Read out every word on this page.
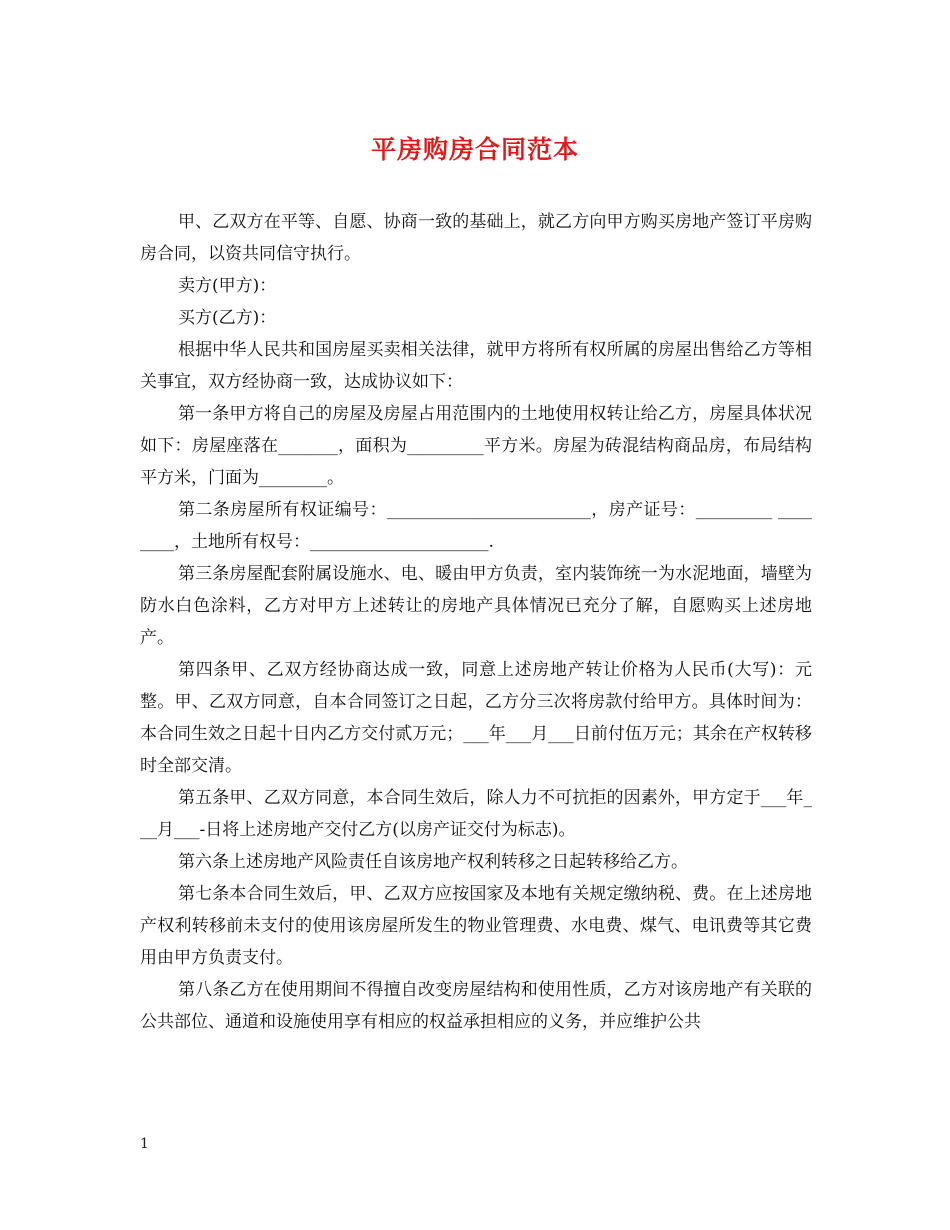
平房购房合同范本

甲、乙双方在平等、自愿、协商一致的基础上，就乙方向甲方购买房地产签订平房购房合同，以资共同信守执行。

卖方(甲方)：

买方(乙方)：

根据中华人民共和国房屋买卖相关法律，就甲方将所有权所属的房屋出售给乙方等相关事宜，双方经协商一致，达成协议如下：

第一条甲方将自己的房屋及房屋占用范围内的土地使用权转让给乙方，房屋具体状况如下：房屋座落在_______，面积为_________平方米。房屋为砖混结构商品房，布局结构平方米，门面为________。

第二条房屋所有权证编号：________________________，房产证号：_________ ________，土地所有权号：_____________________.

第三条房屋配套附属设施水、电、暖由甲方负责，室内装饰统一为水泥地面，墙壁为防水白色涂料，乙方对甲方上述转让的房地产具体情况已充分了解，自愿购买上述房地产。

第四条甲、乙双方经协商达成一致，同意上述房地产转让价格为人民币(大写)：元整。甲、乙双方同意，自本合同签订之日起，乙方分三次将房款付给甲方。具体时间为：本合同生效之日起十日内乙方交付贰万元；___年___月___日前付伍万元；其余在产权转移时全部交清。

第五条甲、乙双方同意，本合同生效后，除人力不可抗拒的因素外，甲方定于___年___月___-日将上述房地产交付乙方(以房产证交付为标志)。

第六条上述房地产风险责任自该房地产权利转移之日起转移给乙方。

第七条本合同生效后，甲、乙双方应按国家及本地有关规定缴纳税、费。在上述房地产权利转移前未支付的使用该房屋所发生的物业管理费、水电费、煤气、电讯费等其它费用由甲方负责支付。

第八条乙方在使用期间不得擅自改变房屋结构和使用性质，乙方对该房地产有关联的公共部位、通道和设施使用享有相应的权益承担相应的义务，并应维护公共

1
